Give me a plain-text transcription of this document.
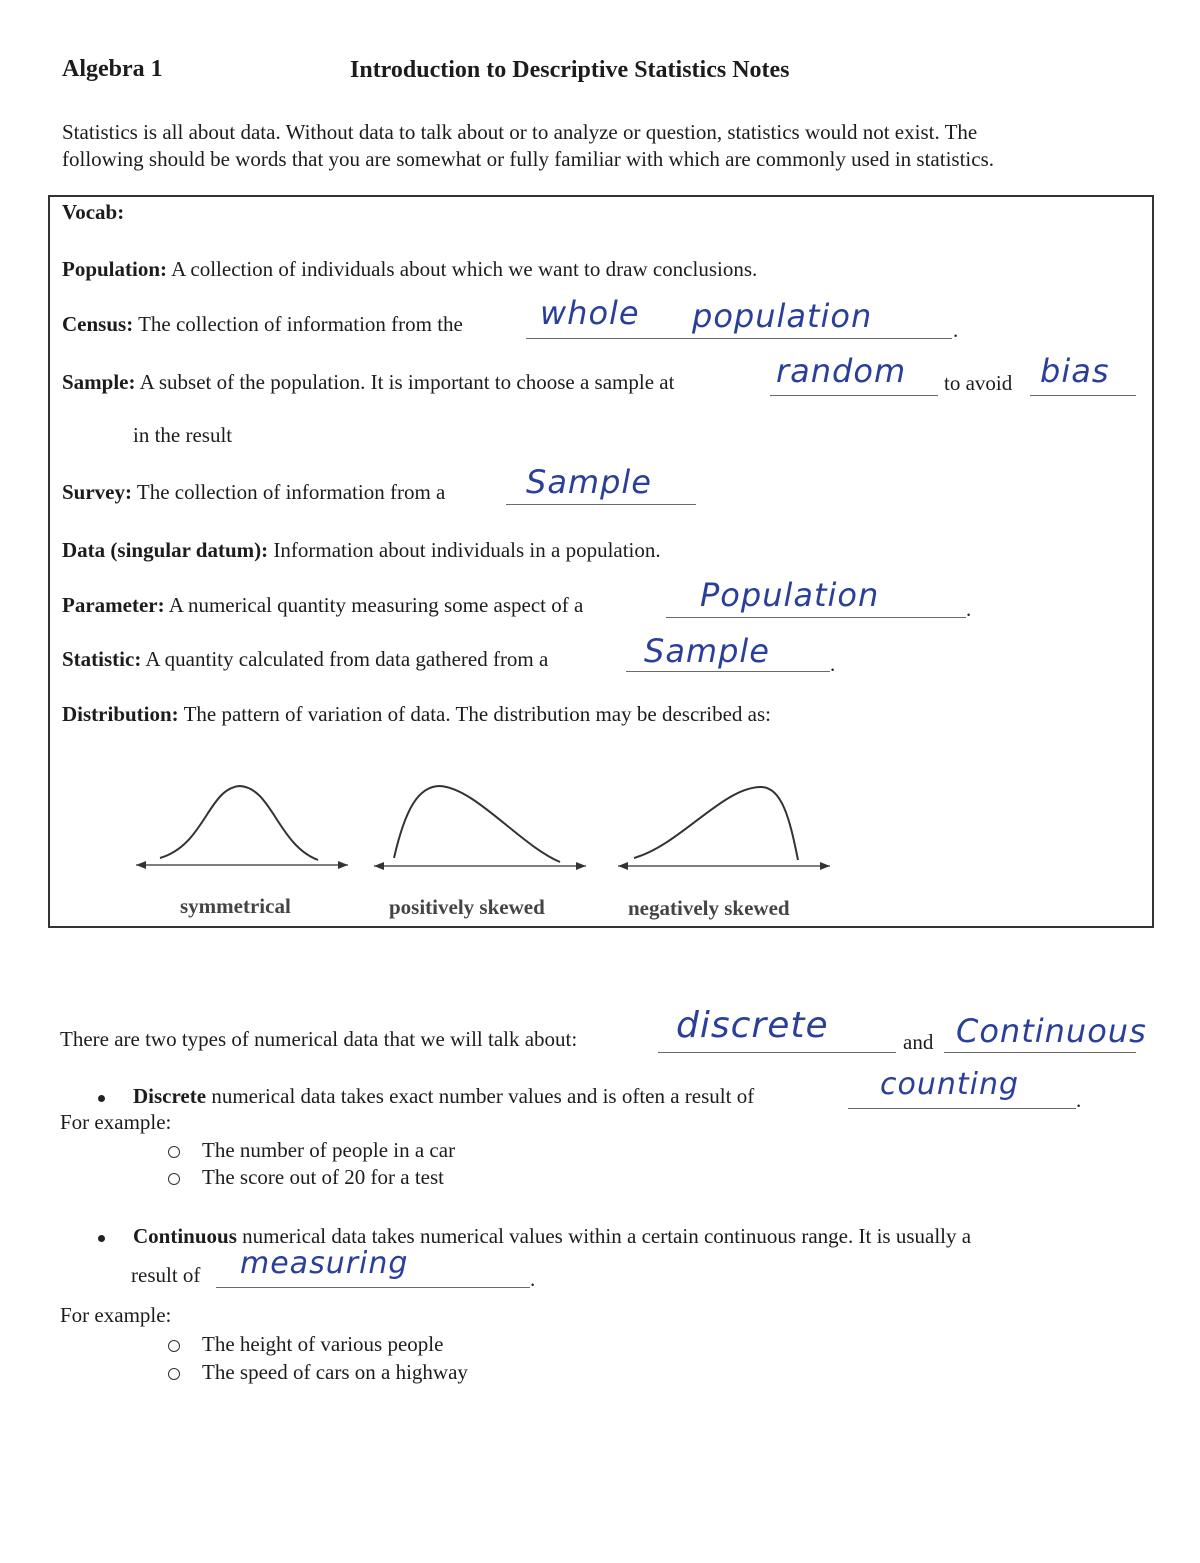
Algebra 1	Introduction to Descriptive Statistics Notes
Statistics is all about data. Without data to talk about or to analyze or question, statistics would not exist. The
following should be words that you are somewhat or fully familiar with which are commonly used in statistics.
Vocab:
Population: A collection of individuals about which we want to draw conclusions.
Census: The collection of information from the whole population	.
Sample: A subset of the population. It is important to choose a sample at	random to avoid bias
in the result
Survey: The collection of information from a	Sample
Data (singular datum): Information about individuals in a population.
Parameter: A numerical quantity measuring some aspect of a	Population	.
Statistic: A quantity calculated from data gathered from a	Sample	.
Distribution: The pattern of variation of data. The distribution may be described as:
symmetrical	positively skewed	negatively skewed
There are two types of numerical data that we will talk about:	discrete	and Continuous
Discrete numerical data takes exact number values and is often a result of	counting	.
For example:
The number of people in a car
The score out of 20 for a test
Continuous numerical data takes numerical values within a certain continuous range. It is usually a
result of measuring	.
For example:
The height of various people
The speed of cars on a highway
